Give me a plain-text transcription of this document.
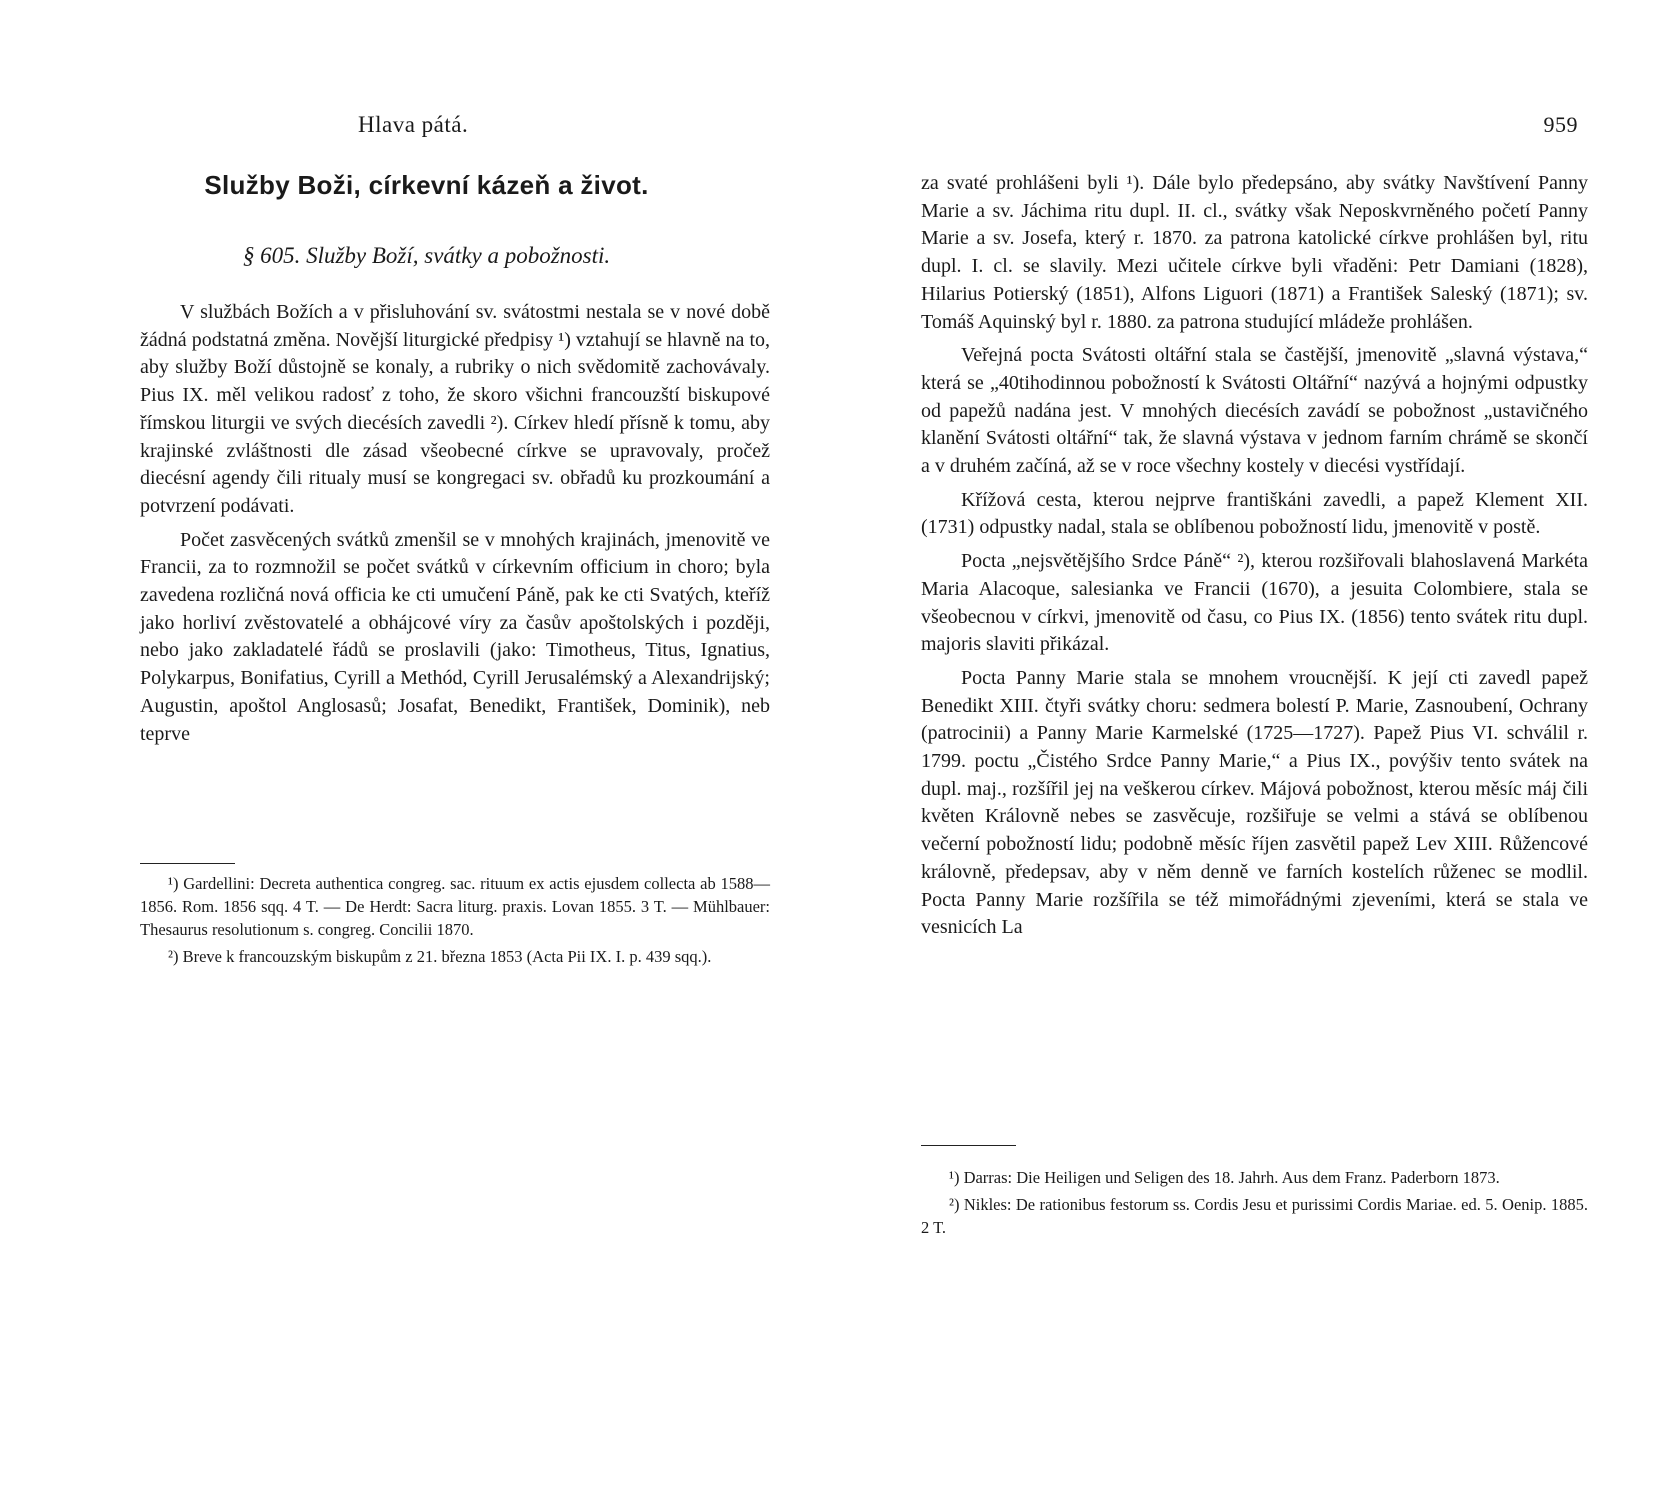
Hlava pátá.
Služby Boži, církevní kázeň a život.
§ 605. Služby Boží, svátky a pobožnosti.

V službách Božích a v přisluhování sv. svátostmi nestala se v nové době žádná podstatná změna. Novější liturgické předpisy ¹) vztahují se hlavně na to, aby služby Boží důstojně se konaly, a rubriky o nich svědomitě zachovávaly. Pius IX. měl velikou radosť z toho, že skoro všichni francouzští biskupové římskou liturgii ve svých diecésích zavedli ²). Církev hledí přísně k tomu, aby krajinské zvláštnosti dle zásad všeobecné církve se upravovaly, pročež diecésní agendy čili ritualy musí se kongregaci sv. obřadů ku prozkoumání a potvrzení podávati.

Počet zasvěcených svátků zmenšil se v mnohých krajinách, jmenovitě ve Francii, za to rozmnožil se počet svátků v církevním officium in choro; byla zavedena rozličná nová officia ke cti umučení Páně, pak ke cti Svatých, kteříž jako horliví zvěstovatelé a obhájcové víry za časův apoštolských i později, nebo jako zakladatelé řádů se proslavili (jako: Timotheus, Titus, Ignatius, Polykarpus, Bonifatius, Cyrill a Methód, Cyrill Jerusalémský a Alexandrijský; Augustin, apoštol Anglosasů; Josafat, Benedikt, František, Dominik), neb teprve

¹) Gardellini: Decreta authentica congreg. sac. rituum ex actis ejusdem collecta ab 1588—1856. Rom. 1856 sqq. 4 T. — De Herdt: Sacra liturg. praxis. Lovan 1855. 3 T. — Mühlbauer: Thesaurus resolutionum s. congreg. Concilii 1870.

²) Breve k francouzským biskupům z 21. března 1853 (Acta Pii IX. I. p. 439 sqq.).

959

za svaté prohlášeni byli ¹). Dále bylo předepsáno, aby svátky Navštívení Panny Marie a sv. Jáchima ritu dupl. II. cl., svátky však Neposkvrněného početí Panny Marie a sv. Josefa, který r. 1870. za patrona katolické církve prohlášen byl, ritu dupl. I. cl. se slavily. Mezi učitele církve byli vřaděni: Petr Damiani (1828), Hilarius Potierský (1851), Alfons Liguori (1871) a František Saleský (1871); sv. Tomáš Aquinský byl r. 1880. za patrona studující mládeže prohlášen.

Veřejná pocta Svátosti oltářní stala se častější, jmenovitě „slavná výstava,“ která se „40tihodinnou pobožností k Svátosti Oltářní“ nazývá a hojnými odpustky od papežů nadána jest. V mnohých diecésích zavádí se pobožnost „ustavičného klanění Svátosti oltářní“ tak, že slavná výstava v jednom farním chrámě se skončí a v druhém začíná, až se v roce všechny kostely v diecési vystřídají.

Křížová cesta, kterou nejprve františkáni zavedli, a papež Klement XII. (1731) odpustky nadal, stala se oblíbenou pobožností lidu, jmenovitě v postě.

Pocta „nejsvětějšího Srdce Páně“ ²), kterou rozšiřovali blahoslavená Markéta Maria Alacoque, salesianka ve Francii (1670), a jesuita Colombiere, stala se všeobecnou v církvi, jmenovitě od času, co Pius IX. (1856) tento svátek ritu dupl. majoris slaviti přikázal.

Pocta Panny Marie stala se mnohem vroucnější. K její cti zavedl papež Benedikt XIII. čtyři svátky choru: sedmera bolestí P. Marie, Zasnoubení, Ochrany (patrocinii) a Panny Marie Karmelské (1725—1727). Papež Pius VI. schválil r. 1799. poctu „Čistého Srdce Panny Marie,“ a Pius IX., povýšiv tento svátek na dupl. maj., rozšířil jej na veškerou církev. Májová pobožnost, kterou měsíc máj čili květen Královně nebes se zasvěcuje, rozšiřuje se velmi a stává se oblíbenou večerní pobožností lidu; podobně měsíc říjen zasvětil papež Lev XIII. Růžencové královně, předepsav, aby v něm denně ve farních kostelích růženec se modlil. Pocta Panny Marie rozšířila se též mimořádnými zjeveními, která se stala ve vesnicích La

¹) Darras: Die Heiligen und Seligen des 18. Jahrh. Aus dem Franz. Paderborn 1873.

²) Nikles: De rationibus festorum ss. Cordis Jesu et purissimi Cordis Mariae. ed. 5. Oenip. 1885. 2 T.
